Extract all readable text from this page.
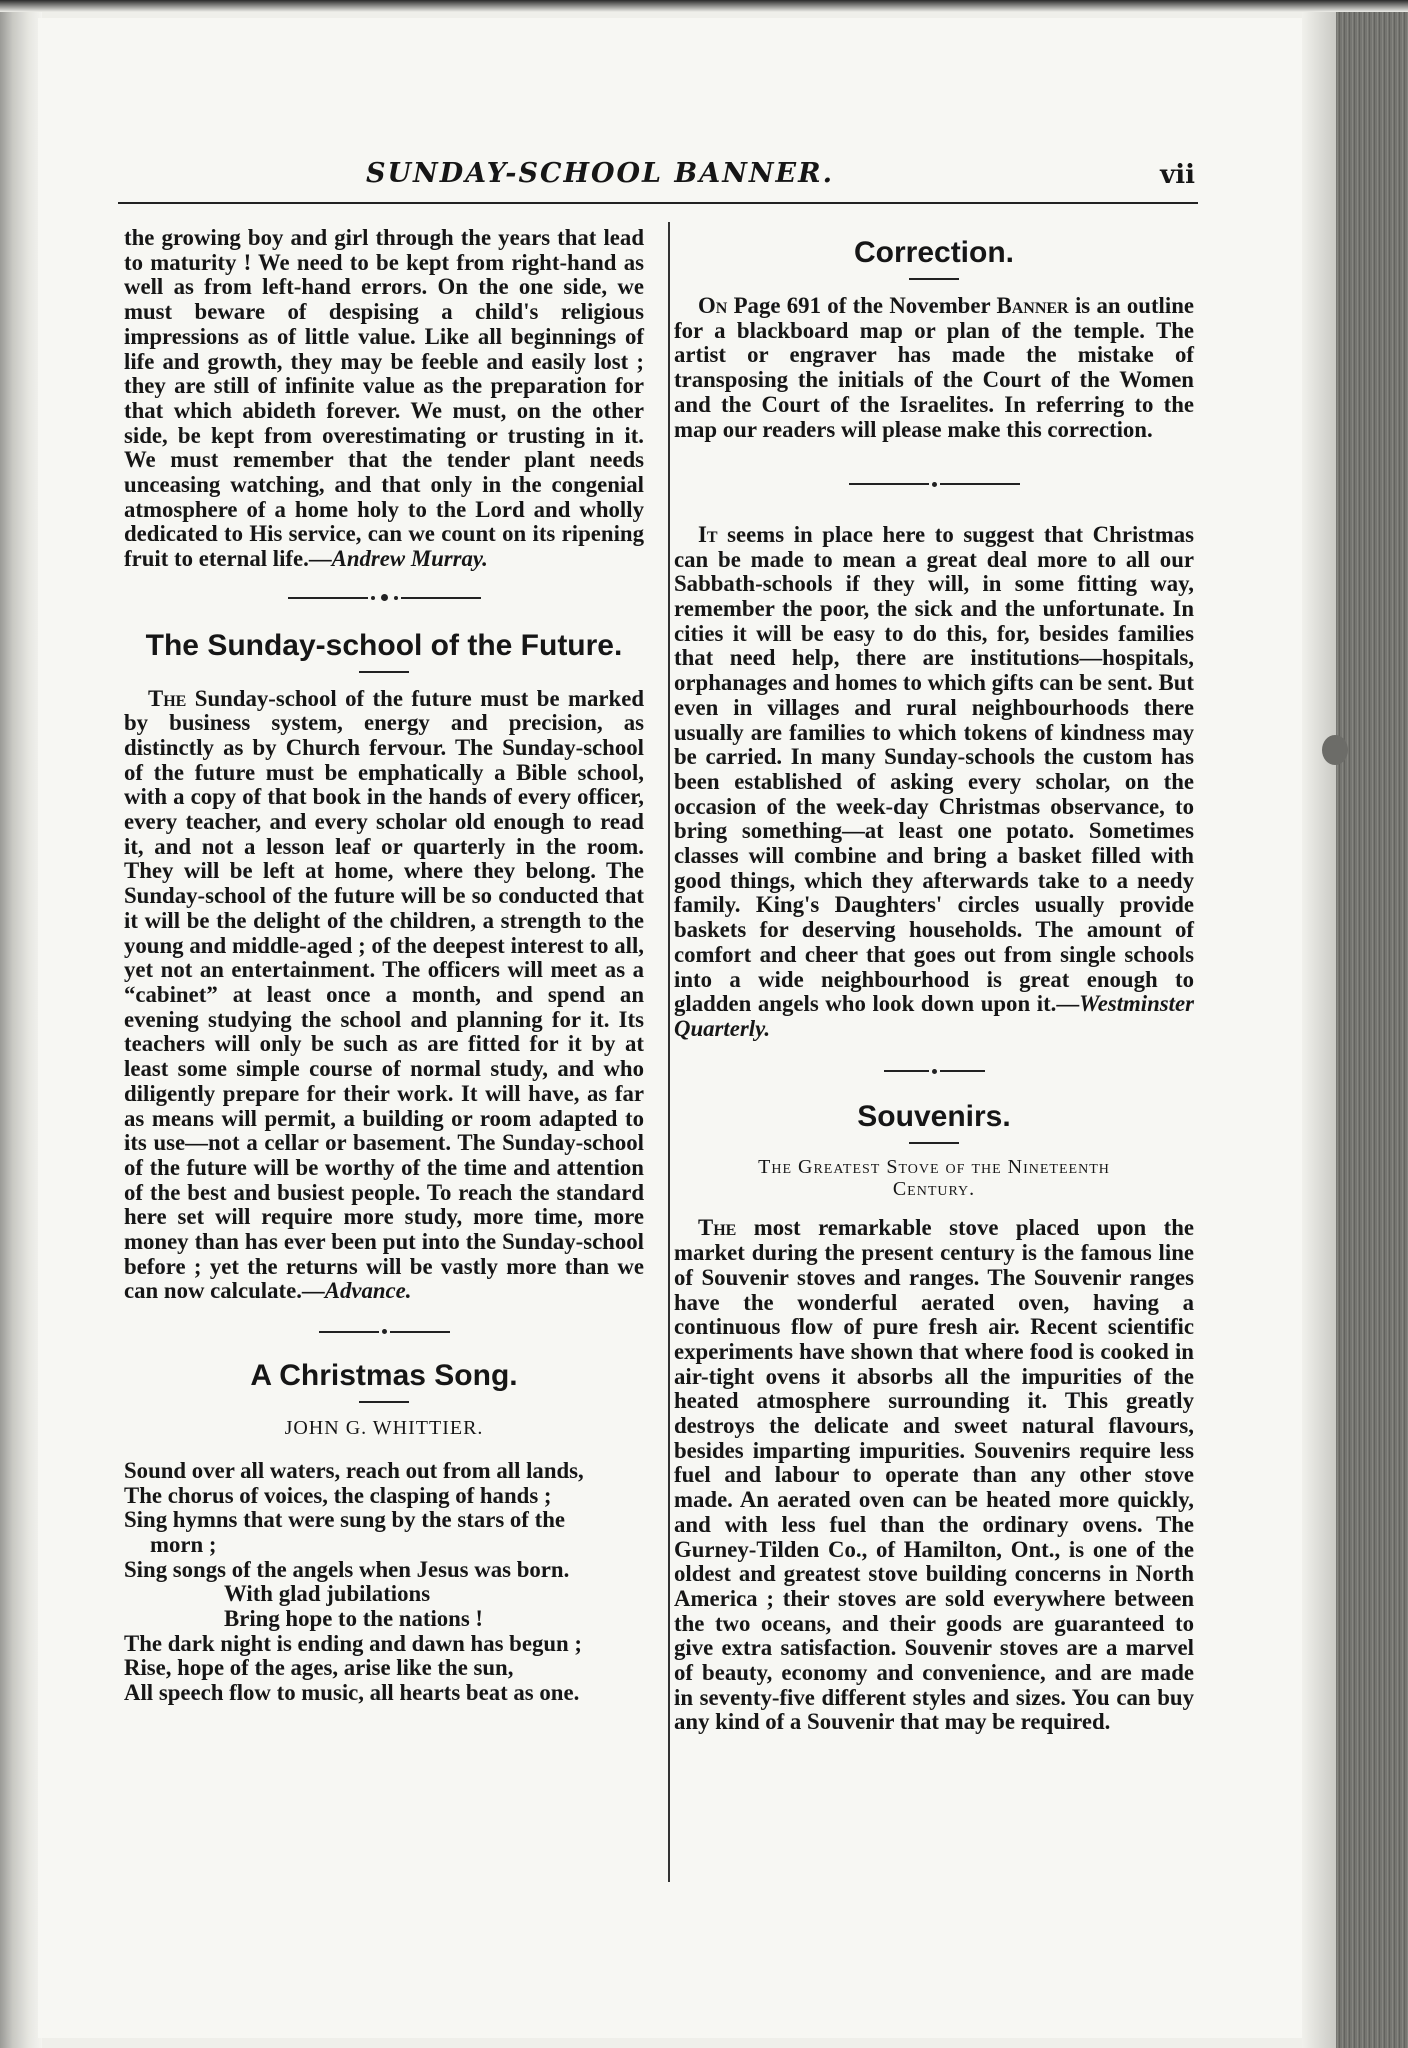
SUNDAY-SCHOOL BANNER.	vii

the growing boy and girl through the years that lead to maturity ! We need to be kept from right-hand as well as from left-hand errors. On the one side, we must beware of despising a child's religious impressions as of little value. Like all beginnings of life and growth, they may be feeble and easily lost ; they are still of infinite value as the preparation for that which abideth forever. We must, on the other side, be kept from overestimating or trusting in it. We must remember that the tender plant needs unceasing watching, and that only in the congenial atmosphere of a home holy to the Lord and wholly dedicated to His service, can we count on its ripening fruit to eternal life.—Andrew Murray.

The Sunday-school of the Future.

The Sunday-school of the future must be marked by business system, energy and precision, as distinctly as by Church fervour. The Sunday-school of the future must be emphatically a Bible school, with a copy of that book in the hands of every officer, every teacher, and every scholar old enough to read it, and not a lesson leaf or quarterly in the room. They will be left at home, where they belong. The Sunday-school of the future will be so conducted that it will be the delight of the children, a strength to the young and middle-aged ; of the deepest interest to all, yet not an entertainment. The officers will meet as a “cabinet” at least once a month, and spend an evening studying the school and planning for it. Its teachers will only be such as are fitted for it by at least some simple course of normal study, and who diligently prepare for their work. It will have, as far as means will permit, a building or room adapted to its use—not a cellar or basement. The Sunday-school of the future will be worthy of the time and attention of the best and busiest people. To reach the standard here set will require more study, more time, more money than has ever been put into the Sunday-school before ; yet the returns will be vastly more than we can now calculate.—Advance.

A Christmas Song.
JOHN G. WHITTIER.
Sound over all waters, reach out from all lands,
The chorus of voices, the clasping of hands ;
Sing hymns that were sung by the stars of the
morn ;
Sing songs of the angels when Jesus was born.
With glad jubilations
Bring hope to the nations !
The dark night is ending and dawn has begun ;
Rise, hope of the ages, arise like the sun,
All speech flow to music, all hearts beat as one.
Correction.

On Page 691 of the November Banner is an outline for a blackboard map or plan of the temple. The artist or engraver has made the mistake of transposing the initials of the Court of the Women and the Court of the Israelites. In referring to the map our readers will please make this correction.

It seems in place here to suggest that Christmas can be made to mean a great deal more to all our Sabbath-schools if they will, in some fitting way, remember the poor, the sick and the unfortunate. In cities it will be easy to do this, for, besides families that need help, there are institutions—hospitals, orphanages and homes to which gifts can be sent. But even in villages and rural neighbourhoods there usually are families to which tokens of kindness may be carried. In many Sunday-schools the custom has been established of asking every scholar, on the occasion of the week-day Christmas observance, to bring something—at least one potato. Sometimes classes will combine and bring a basket filled with good things, which they afterwards take to a needy family. King's Daughters' circles usually provide baskets for deserving households. The amount of comfort and cheer that goes out from single schools into a wide neighbourhood is great enough to gladden angels who look down upon it.—Westminster Quarterly.

Souvenirs.
The Greatest Stove of the Nineteenth
Century.

The most remarkable stove placed upon the market during the present century is the famous line of Souvenir stoves and ranges. The Souvenir ranges have the wonderful aerated oven, having a continuous flow of pure fresh air. Recent scientific experiments have shown that where food is cooked in air-tight ovens it absorbs all the impurities of the heated atmosphere surrounding it. This greatly destroys the delicate and sweet natural flavours, besides imparting impurities. Souvenirs require less fuel and labour to operate than any other stove made. An aerated oven can be heated more quickly, and with less fuel than the ordinary ovens. The Gurney-Tilden Co., of Hamilton, Ont., is one of the oldest and greatest stove building concerns in North America ; their stoves are sold everywhere between the two oceans, and their goods are guaranteed to give extra satisfaction. Souvenir stoves are a marvel of beauty, economy and convenience, and are made in seventy-five different styles and sizes. You can buy any kind of a Souvenir that may be required.
